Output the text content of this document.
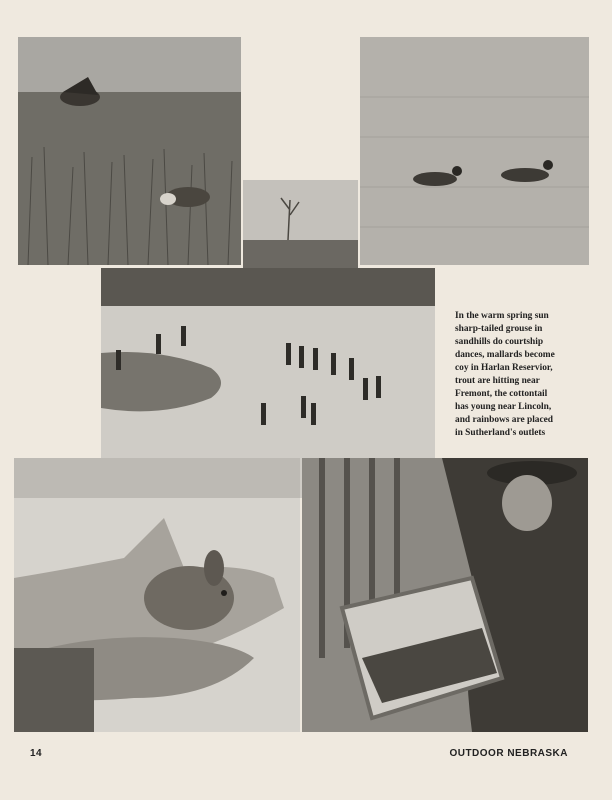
In the warm spring sun
sharp-tailed grouse in
sandhills do courtship
dances, mallards become
coy in Harlan Reservior,
trout are hitting near
Fremont, the cottontail
has young near Lincoln,
and rainbows are placed
in Sutherland's outlets
14	OUTDOOR NEBRASKA
